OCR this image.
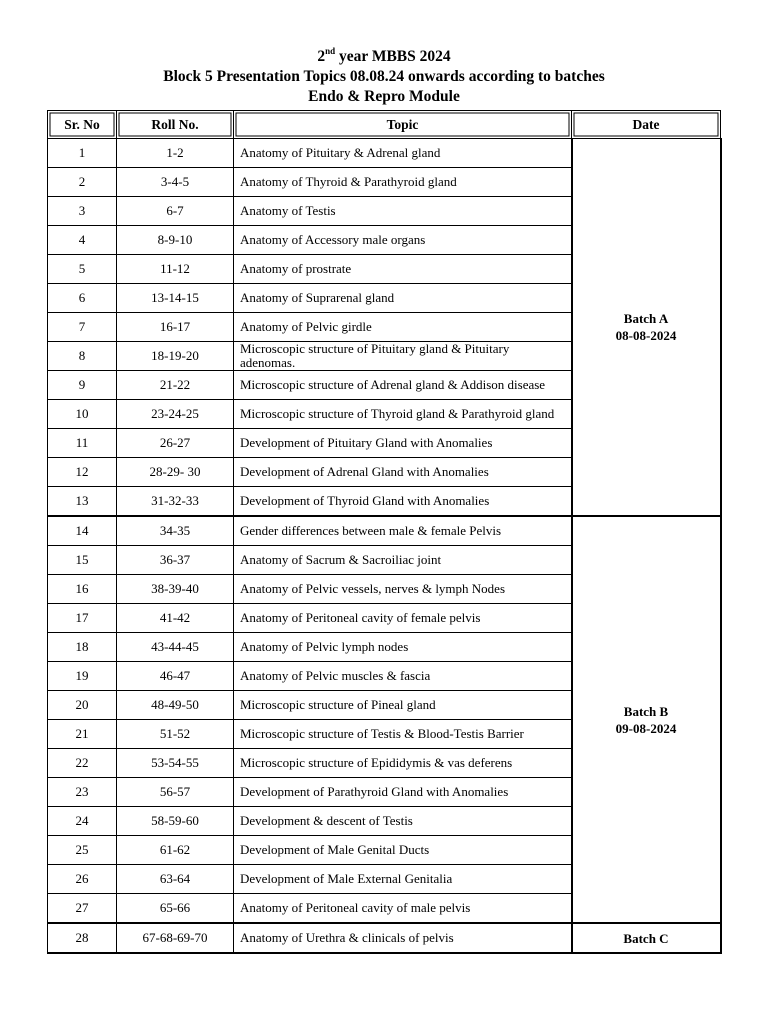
2nd year MBBS 2024
Block 5 Presentation Topics 08.08.24 onwards according to batches
Endo & Repro Module
Sr. No	Roll No.	Topic	Date
1	1-2	Anatomy of Pituitary & Adrenal gland	Batch A
08-08-2024

2	3-4-5	Anatomy of Thyroid & Parathyroid gland	
3	6-7	Anatomy of Testis	
4	8-9-10	Anatomy of Accessory male organs	
5	11-12	Anatomy of prostrate	
6	13-14-15	Anatomy of Suprarenal gland	
7	16-17	Anatomy of Pelvic girdle	
8	18-19-20	Microscopic structure of Pituitary gland & Pituitary adenomas.	
9	21-22	Microscopic structure of Adrenal gland & Addison disease	
10	23-24-25	Microscopic structure of Thyroid gland & Parathyroid gland	
11	26-27	Development of Pituitary Gland with Anomalies	
12	28-29- 30	Development of Adrenal Gland with Anomalies	
13	31-32-33	Development of Thyroid Gland with Anomalies	
14	34-35	Gender differences between male & female Pelvis	Batch B
09-08-2024

15	36-37	Anatomy of Sacrum & Sacroiliac joint	
16	38-39-40	Anatomy of Pelvic vessels, nerves & lymph Nodes	
17	41-42	Anatomy of Peritoneal cavity of female pelvis	
18	43-44-45	Anatomy of Pelvic lymph nodes	
19	46-47	Anatomy of Pelvic muscles & fascia	
20	48-49-50	Microscopic structure of Pineal gland	
21	51-52	Microscopic structure of Testis & Blood-Testis Barrier	
22	53-54-55	Microscopic structure of Epididymis & vas deferens	
23	56-57	Development of Parathyroid Gland with Anomalies	
24	58-59-60	Development & descent of Testis	
25	61-62	Development of Male Genital Ducts	
26	63-64	Development of Male External Genitalia	
27	65-66	Anatomy of Peritoneal cavity of male pelvis	
28	67-68-69-70	Anatomy of Urethra & clinicals of pelvis	Batch C
